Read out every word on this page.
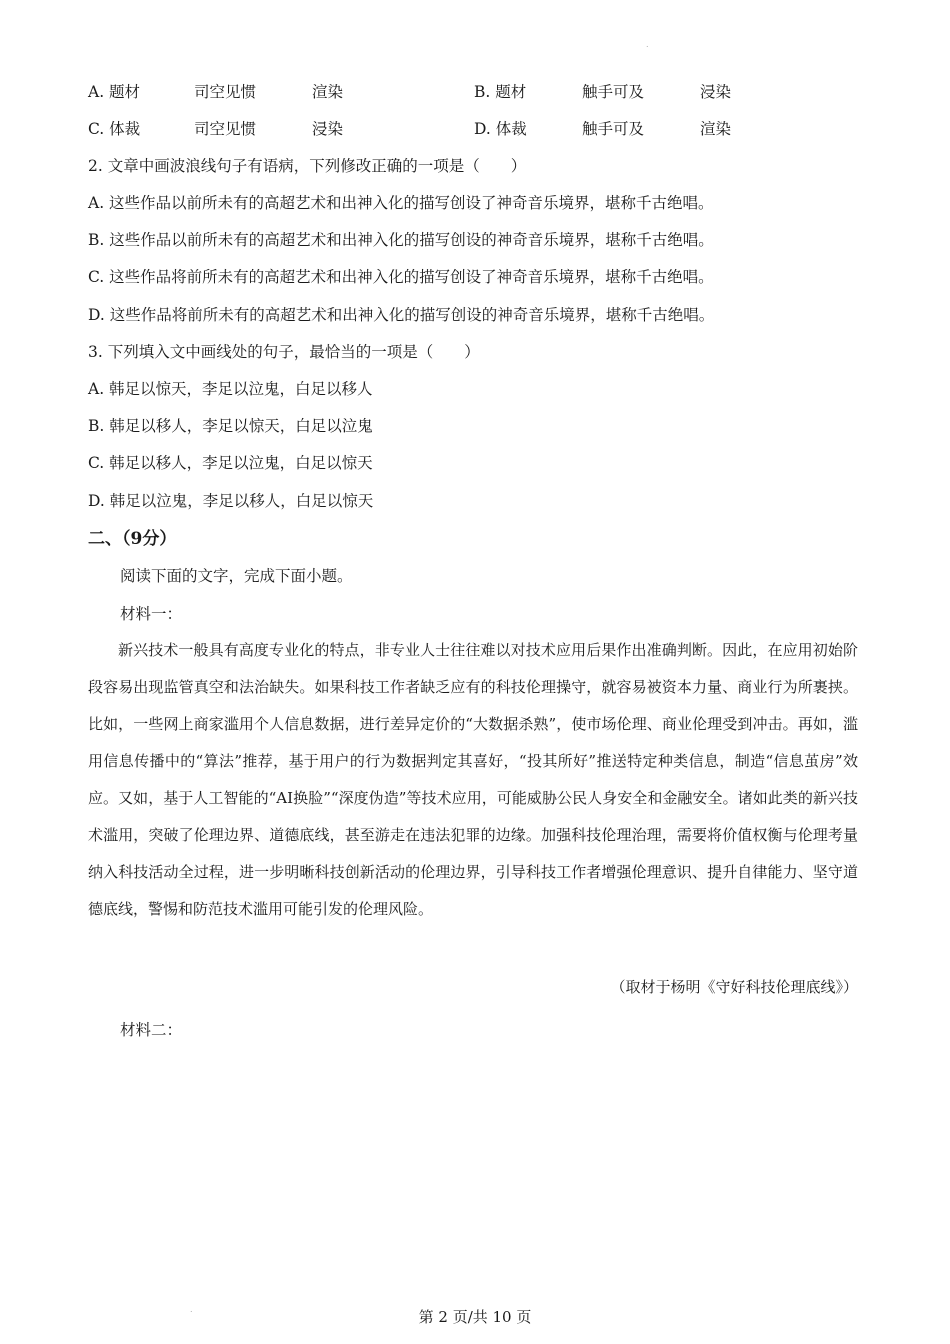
.
A. 题材	司空见惯	渲染	B. 题材	触手可及	浸染
C. 体裁	司空见惯	浸染	D. 体裁	触手可及	渲染
2. 文章中画波浪线句子有语病，下列修改正确的一项是（　　）
A. 这些作品以前所未有的高超艺术和出神入化的描写创设了神奇音乐境界，堪称千古绝唱。
B. 这些作品以前所未有的高超艺术和出神入化的描写创设的神奇音乐境界，堪称千古绝唱。
C. 这些作品将前所未有的高超艺术和出神入化的描写创设了神奇音乐境界，堪称千古绝唱。
D. 这些作品将前所未有的高超艺术和出神入化的描写创设的神奇音乐境界，堪称千古绝唱。
3. 下列填入文中画线处的句子，最恰当的一项是（　　）
A. 韩足以惊天，李足以泣鬼，白足以移人
B. 韩足以移人，李足以惊天，白足以泣鬼
C. 韩足以移人，李足以泣鬼，白足以惊天
D. 韩足以泣鬼，李足以移人，白足以惊天
二、（9分）
阅读下面的文字，完成下面小题。
材料一：

新兴技术一般具有高度专业化的特点，非专业人士往往难以对技术应用后果作出准确判断。因此，在应用初始阶段容易出现监管真空和法治缺失。如果科技工作者缺乏应有的科技伦理操守，就容易被资本力量、商业行为所裹挟。比如，一些网上商家滥用个人信息数据，进行差异定价的“大数据杀熟”，使市场伦理、商业伦理受到冲击。再如，滥用信息传播中的“算法”推荐，基于用户的行为数据判定其喜好，“投其所好”推送特定种类信息，制造“信息茧房”效应。又如，基于人工智能的“AI换脸”“深度伪造”等技术应用，可能威胁公民人身安全和金融安全。诸如此类的新兴技术滥用，突破了伦理边界、道德底线，甚至游走在违法犯罪的边缘。加强科技伦理治理，需要将价值权衡与伦理考量纳入科技活动全过程，进一步明晰科技创新活动的伦理边界，引导科技工作者增强伦理意识、提升自律能力、坚守道德底线，警惕和防范技术滥用可能引发的伦理风险。

（取材于杨明《守好科技伦理底线》）
材料二：
.	第 2 页/共 10 页
